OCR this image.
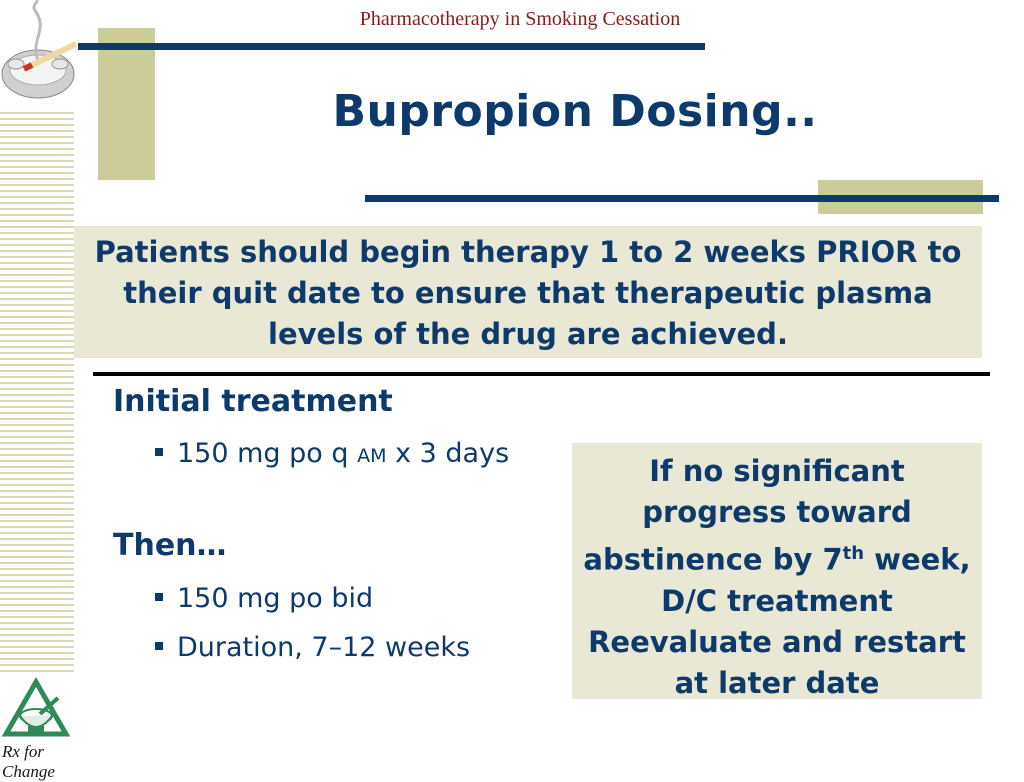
Pharmacotherapy in Smoking Cessation
Bupropion Dosing..
Patients should begin therapy 1 to 2 weeks PRIOR to their quit date to ensure that therapeutic plasma levels of the drug are achieved.
Initial treatment
150 mg po q AM x 3 days
Then…
150 mg po bid
Duration, 7–12 weeks
If no significant progress toward abstinence by 7th week, D/C treatment
Reevaluate and restart at later date
Rx for Change
